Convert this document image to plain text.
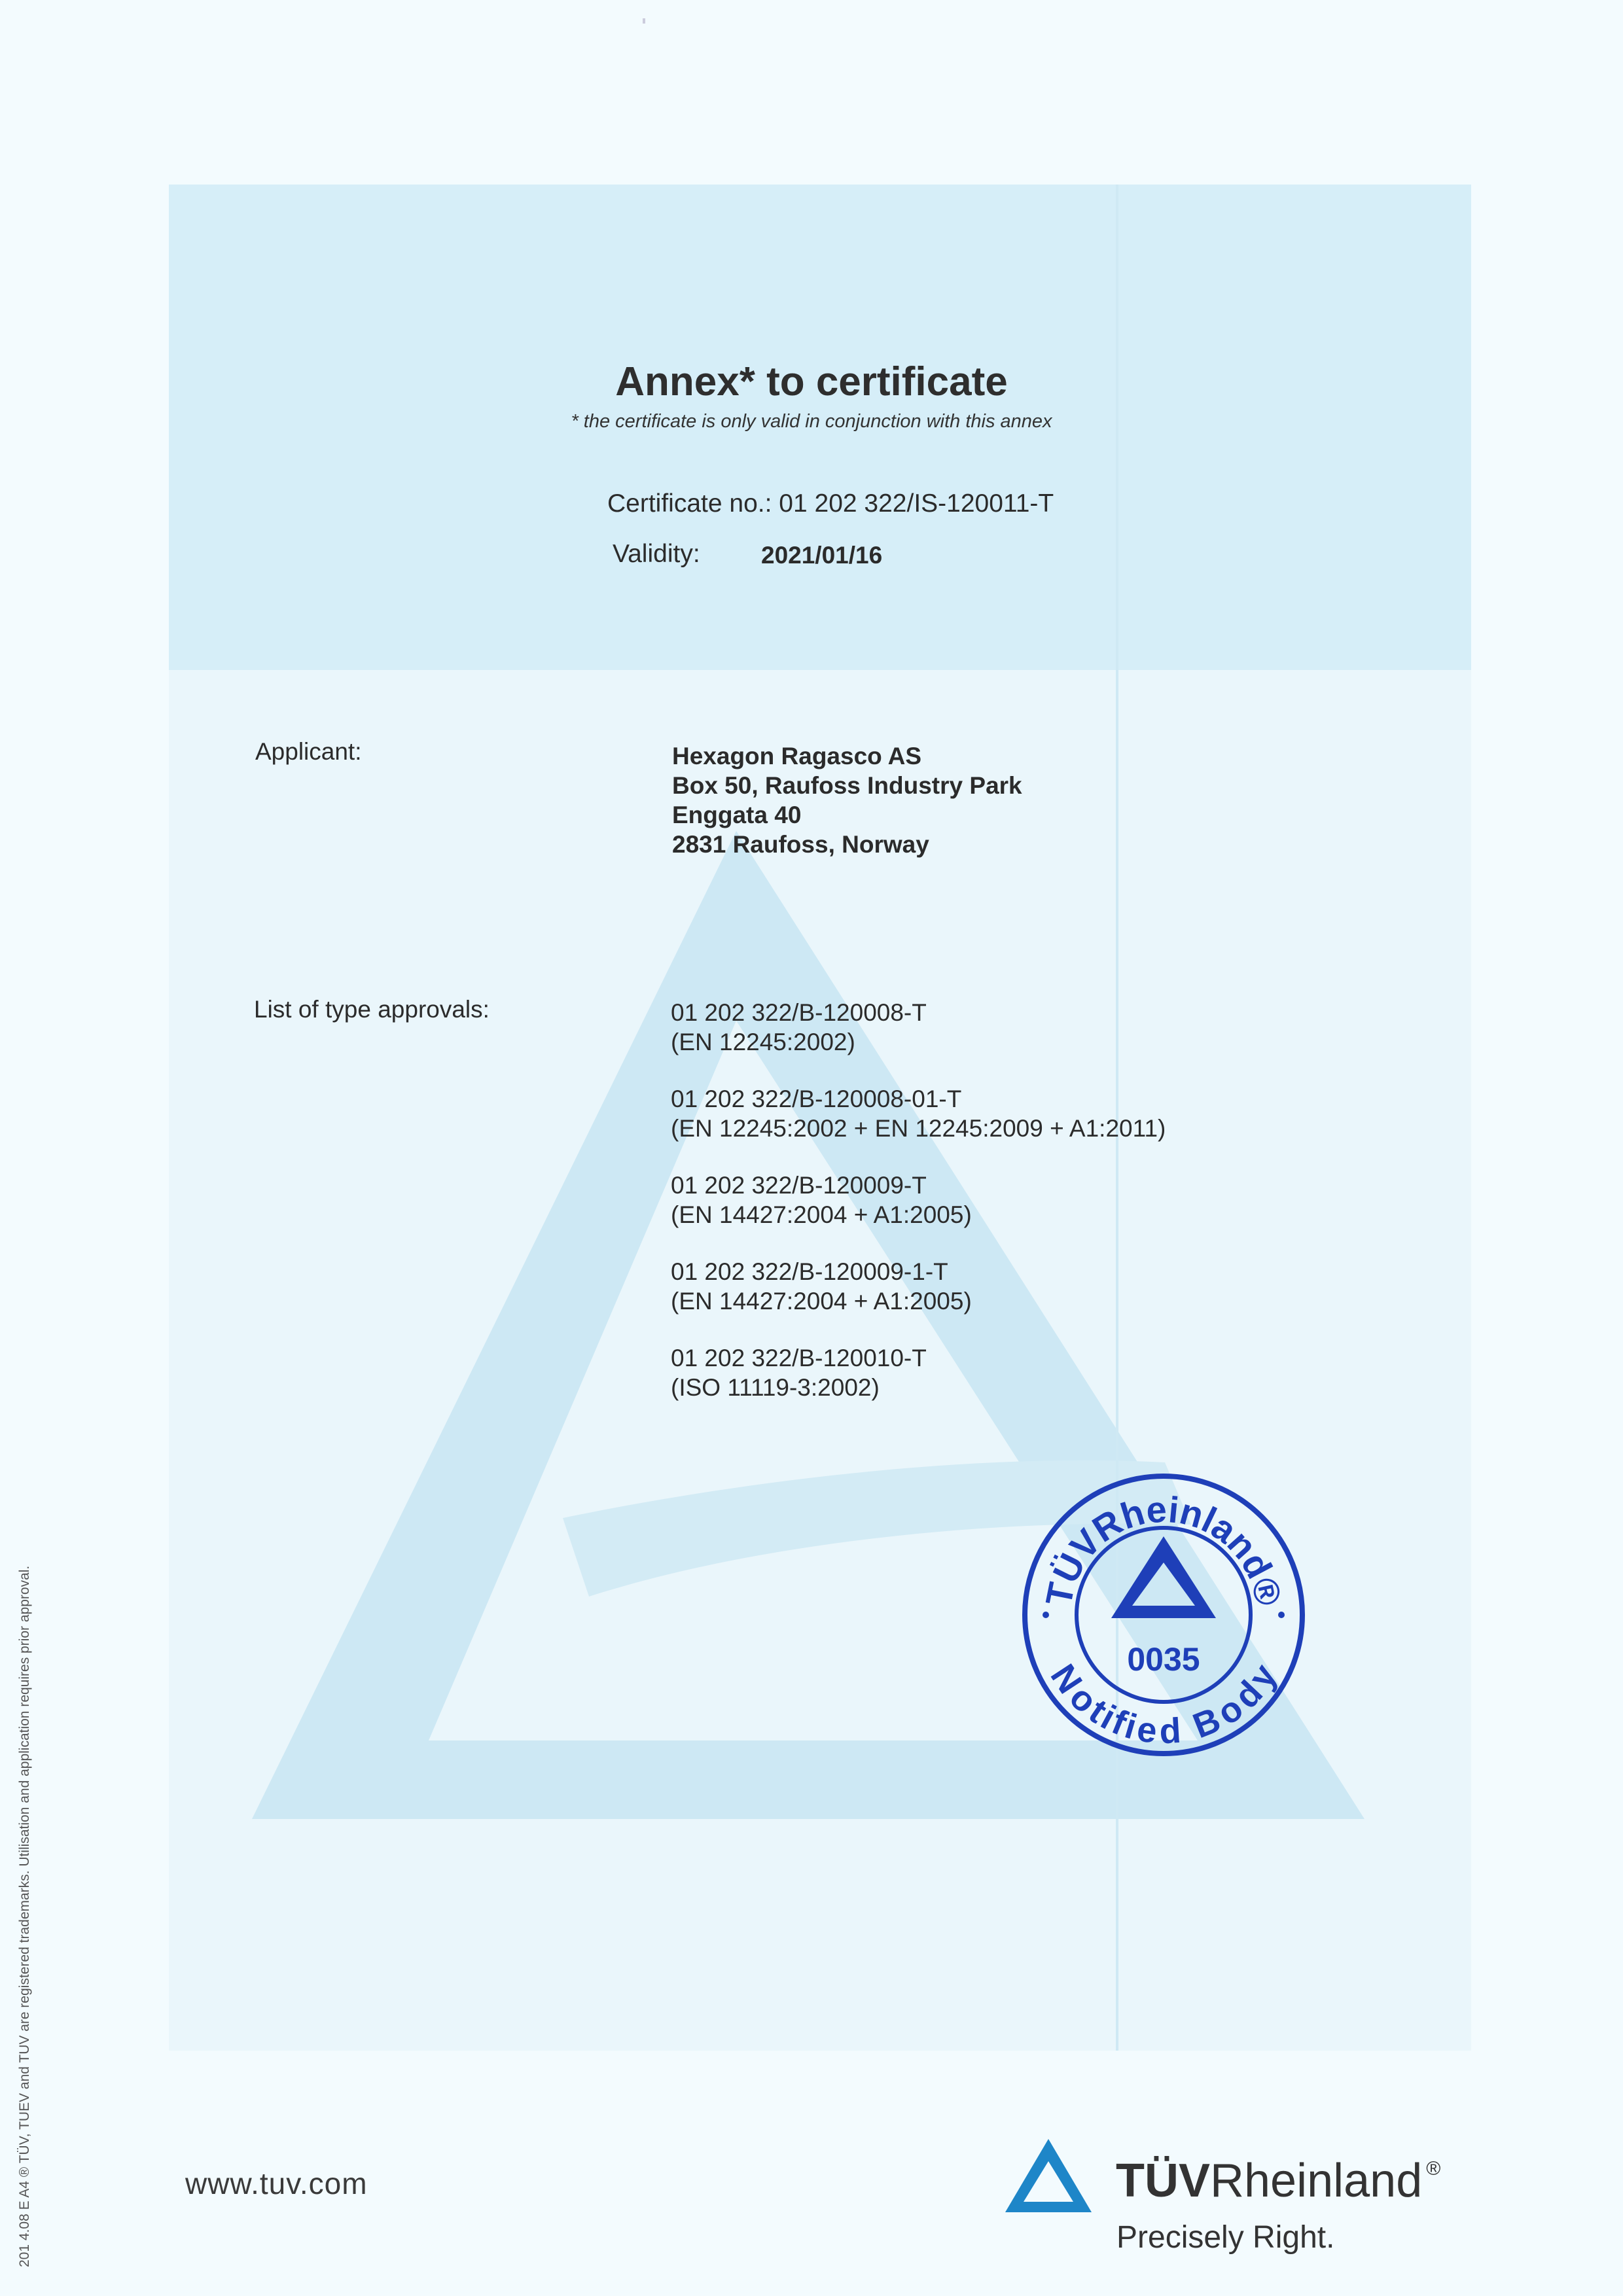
Annex* to certificate
* the certificate is only valid in conjunction with this annex
Certificate no.: 01 202 322/IS-120011-T
Validity:	2021/01/16
Applicant:	Hexagon Ragasco AS
Box 50, Raufoss Industry Park
Enggata 40
2831 Raufoss, Norway
List of type approvals:	01 202 322/B-120008-T
(EN 12245:2002)
01 202 322/B-120008-01-T
(EN 12245:2002 + EN 12245:2009 + A1:2011)
01 202 322/B-120009-T
(EN 14427:2004 + A1:2005)
01 202 322/B-120009-1-T
(EN 14427:2004 + A1:2005)
01 202 322/B-120010-T
(ISO 11119-3:2002)
TÜVRheinland®
0035
Notified Body
201 4.08 E A4 ® TÜV, TUEV and TUV are registered trademarks. Utilisation and application requires prior approval.	www.tuv.com	TÜVRheinland ®
Precisely Right.
